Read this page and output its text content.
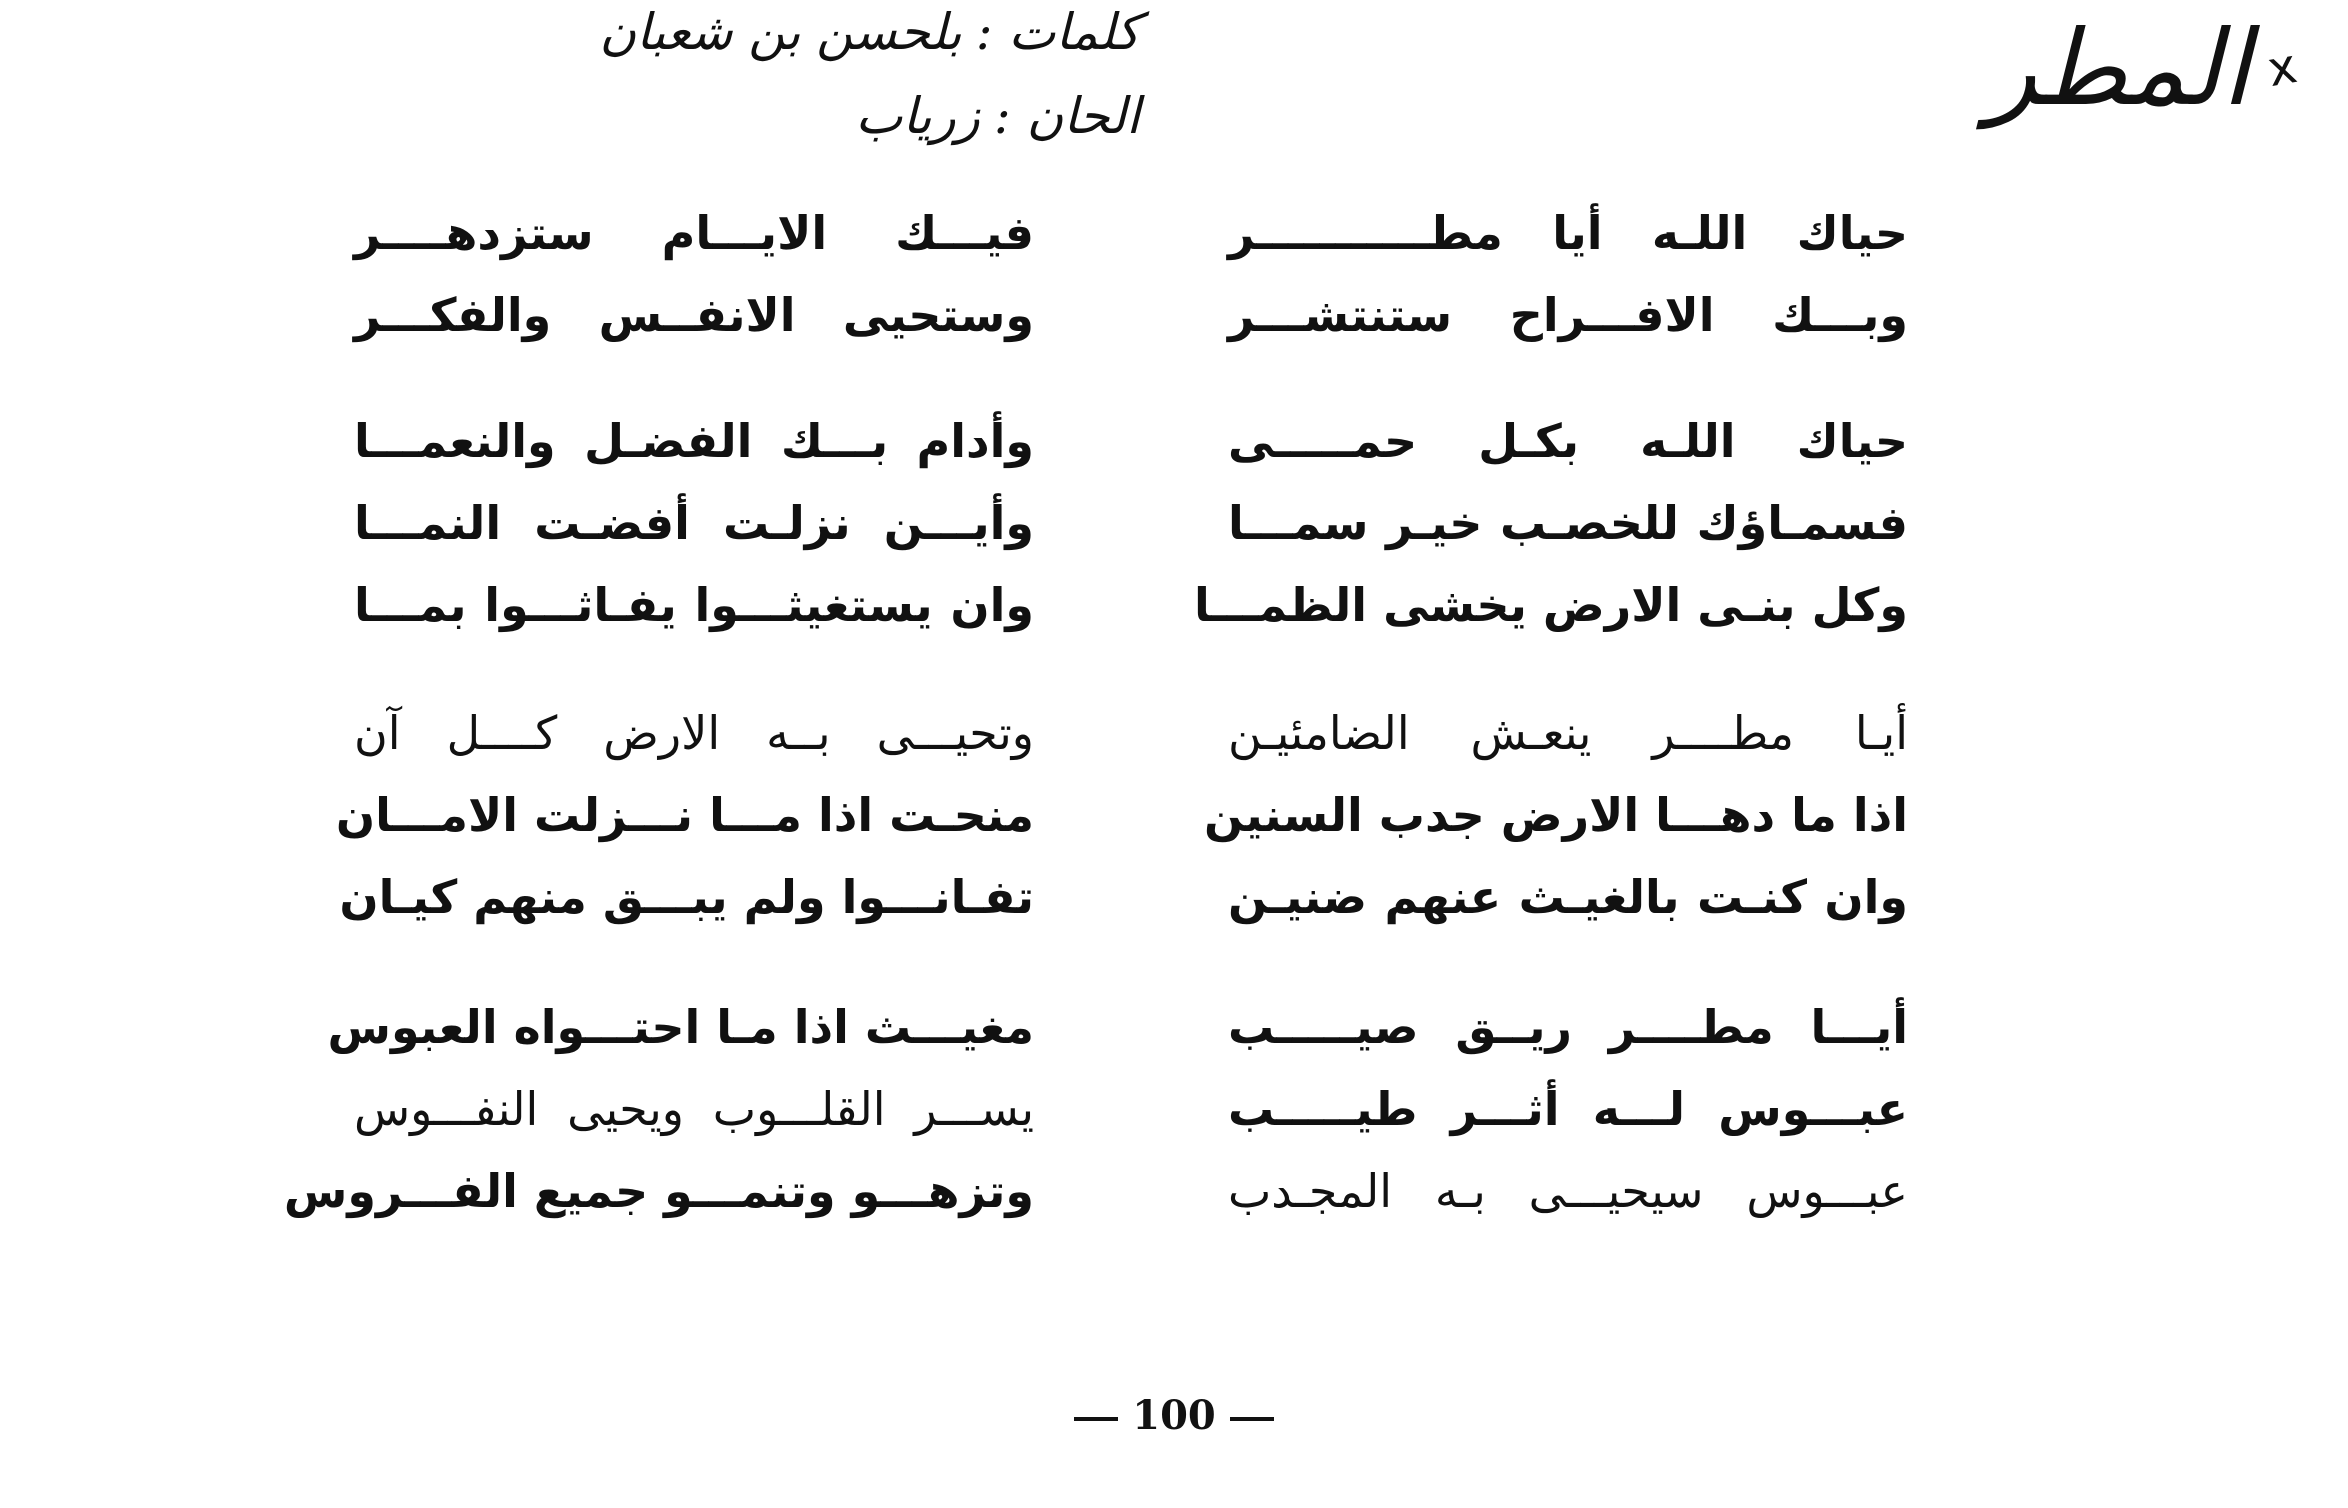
x
المطر
كلمات :
بلحسن بن شعبان
الحان :
زرياب
حياك اللـه أيا مطـــــــــــر
وبـــك الافـــراح ستنتشـــر
فيـــك الايـــام ستزدهــــر
وستحيى الانفــس والفكـــر
حياك اللـه بكـل حمـــــى
فسمـاؤك للخصـب خيـر سمـــا
وكل بنـى الارض يخشى الظمـــا
وأدام بـــك الفضـل والنعمـــا
وأيـــن نزلـت أفضـت النمـــا
وان يستغيثـــوا يفـاثـــوا بمـــا
أيـا مطــــر ينعـش الضامئيـن
اذا ما دهـــا الارض جدب السنين
وان كنـت بالغيـث عنهم ضنيـن
وتحيـــى بــه الارض كــــل آن
منحـت اذا مـــا نـــزلت الامـــان
تفـانـــوا ولم يبـــق منهم كيـان
أيـــا مطــــر ريــق صيـــــب
عبـــوس لـــه أثـــر طيـــــب
عبـــوس سيحيـــى بـه المجـدب
مغيـــث اذا مـا احتـــواه العبوس
يســـر القلـــوب ويحيى النفـــوس
وتزهـــو وتنمـــو جميع الفـــروس
100
